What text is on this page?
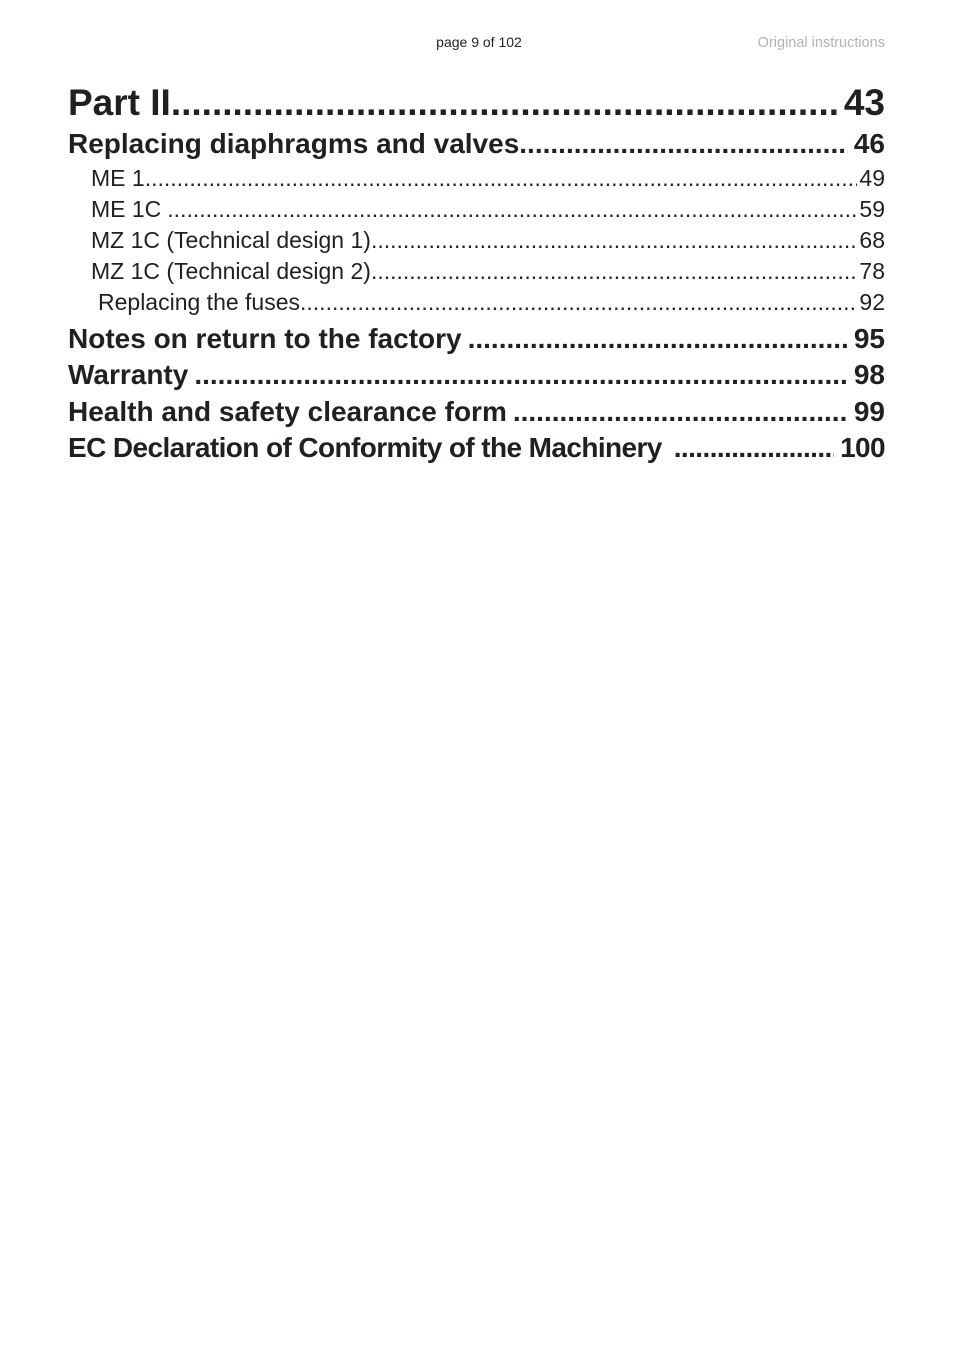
page 9 of 102	Original instructions
Part II .....	43
Replacing diaphragms and valves .....	46
ME 1 .....	49
ME 1C .....	59
MZ 1C (Technical design 1) .....	68
MZ 1C (Technical design 2) .....	78
Replacing the fuses .....	92
Notes on return to the factory .....	95
Warranty .....	98
Health and safety clearance form .....	99
EC Declaration of Conformity of the Machinery .....	100
